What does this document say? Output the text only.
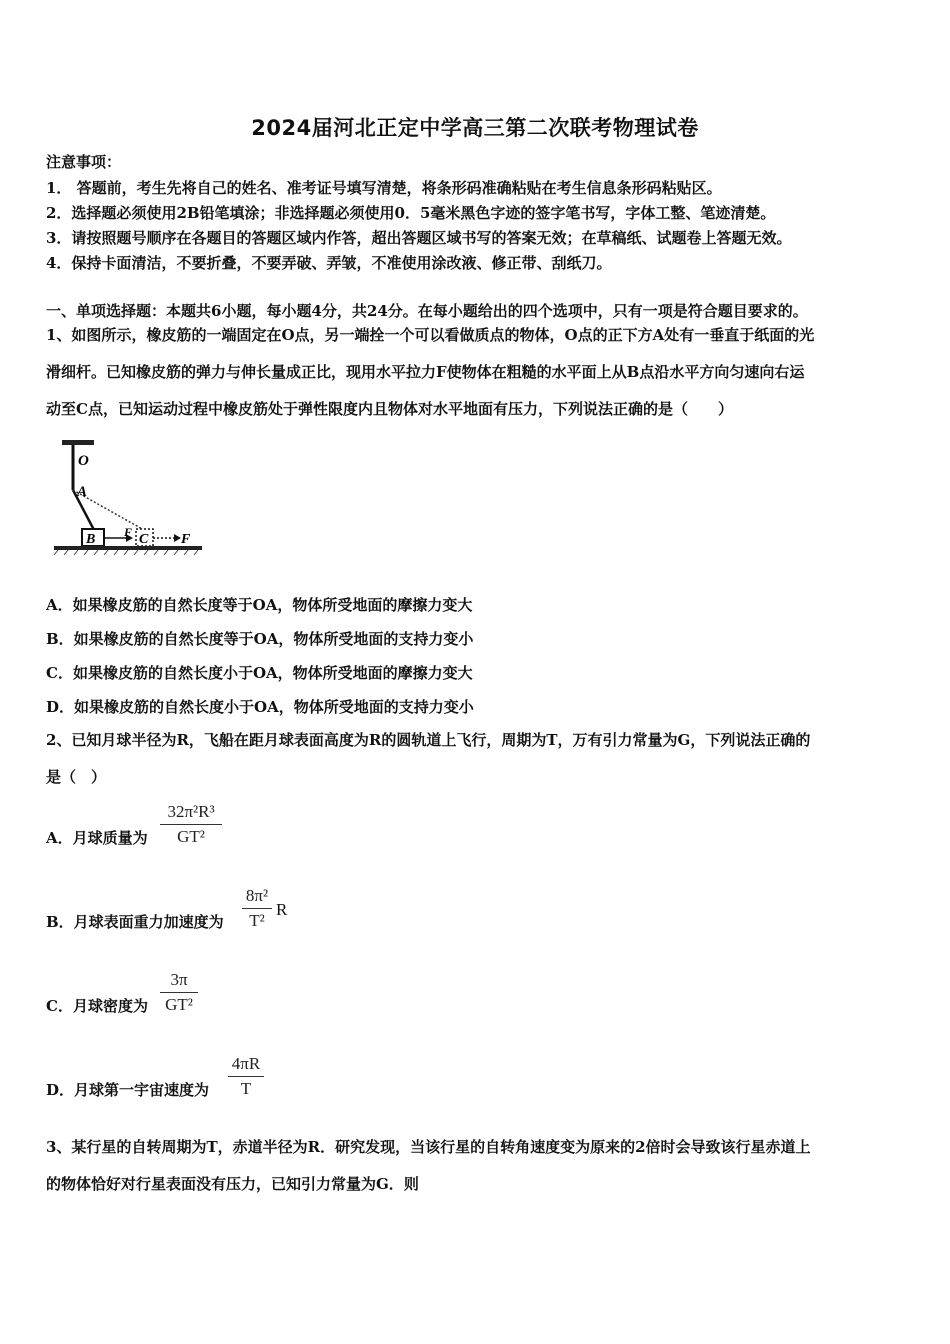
2024届河北正定中学高三第二次联考物理试卷
注意事项：
1． 答题前，考生先将自己的姓名、准考证号填写清楚，将条形码准确粘贴在考生信息条形码粘贴区。
2．选择题必须使用2B铅笔填涂；非选择题必须使用0．5毫米黑色字迹的签字笔书写，字体工整、笔迹清楚。
3．请按照题号顺序在各题目的答题区域内作答，超出答题区域书写的答案无效；在草稿纸、试题卷上答题无效。
4．保持卡面清洁，不要折叠，不要弄破、弄皱，不准使用涂改液、修正带、刮纸刀。
一、单项选择题：本题共6小题，每小题4分，共24分。在每小题给出的四个选项中，只有一项是符合题目要求的。
1、如图所示，橡皮筋的一端固定在O点，另一端拴一个可以看做质点的物体，O点的正下方A处有一垂直于纸面的光
滑细杆。已知橡皮筋的弹力与伸长量成正比，现用水平拉力F使物体在粗糙的水平面上从B点沿水平方向匀速向右运
动至C点，已知运动过程中橡皮筋处于弹性限度内且物体对水平地面有压力，下列说法正确的是（　　）
O
A
B F C F
A．如果橡皮筋的自然长度等于OA，物体所受地面的摩擦力变大
B．如果橡皮筋的自然长度等于OA，物体所受地面的支持力变小
C．如果橡皮筋的自然长度小于OA，物体所受地面的摩擦力变大
D．如果橡皮筋的自然长度小于OA，物体所受地面的支持力变小
2、已知月球半径为R，飞船在距月球表面高度为R的圆轨道上飞行，周期为T，万有引力常量为G，下列说法正确的
是（　）
A．月球质量为
32π²R³
GT²
B．月球表面重力加速度为
8π²
T²
R
C．月球密度为
3π
GT²
D．月球第一宇宙速度为
4πR
T
3、某行星的自转周期为T，赤道半径为R．研究发现，当该行星的自转角速度变为原来的2倍时会导致该行星赤道上
的物体恰好对行星表面没有压力，已知引力常量为G．则
